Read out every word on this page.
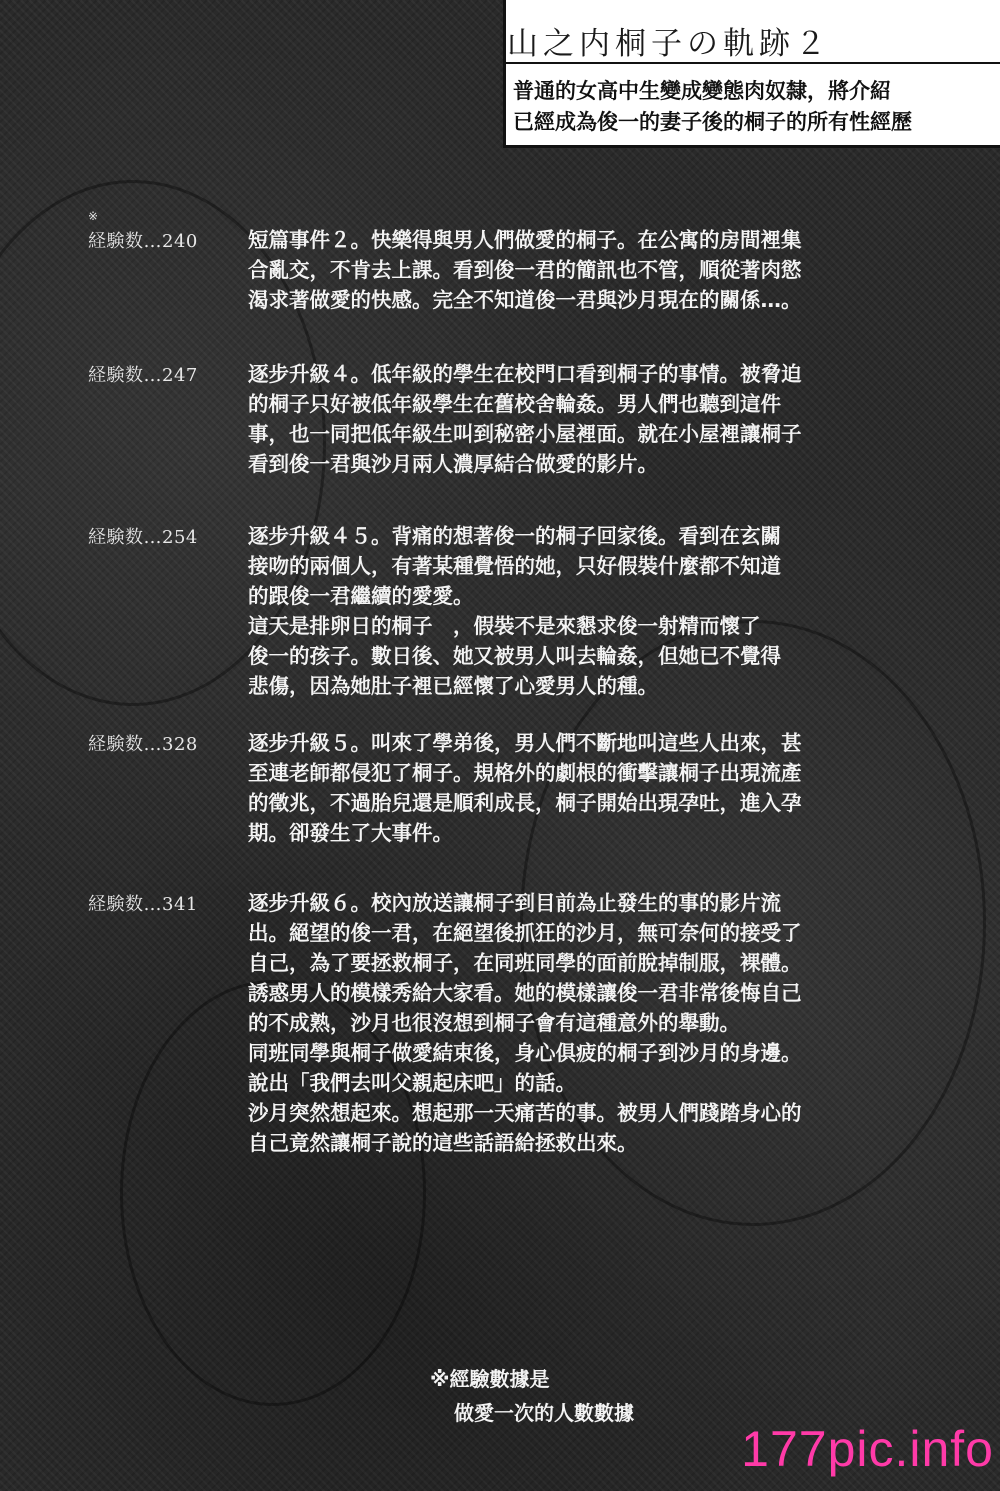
山之内桐子の軌跡２
普通的女高中生變成變態肉奴隸，將介紹
已經成為俊一的妻子後的桐子的所有性經歷
※
経験数…240	短篇事件２。快樂得與男人們做愛的桐子。在公寓的房間裡集
合亂交，不肯去上課。看到俊一君的簡訊也不管，順從著肉慾
渴求著做愛的快感。完全不知道俊一君與沙月現在的關係…。
経験数…247	逐步升級４。低年級的學生在校門口看到桐子的事情。被脅迫
的桐子只好被低年級學生在舊校舍輪姦。男人們也聽到這件
事，也一同把低年級生叫到秘密小屋裡面。就在小屋裡讓桐子
看到俊一君與沙月兩人濃厚結合做愛的影片。
経験数…254	逐步升級４５。背痛的想著俊一的桐子回家後。看到在玄關
接吻的兩個人，有著某種覺悟的她，只好假裝什麼都不知道
的跟俊一君繼續的愛愛。
這天是排卵日的桐子　，假裝不是來懇求俊一射精而懷了
俊一的孩子。數日後、她又被男人叫去輪姦，但她已不覺得
悲傷，因為她肚子裡已經懷了心愛男人的種。
経験数…328	逐步升級５。叫來了學弟後，男人們不斷地叫這些人出來，甚
至連老師都侵犯了桐子。規格外的劇根的衝擊讓桐子出現流產
的徵兆，不過胎兒還是順利成長，桐子開始出現孕吐，進入孕
期。卻發生了大事件。
経験数…341	逐步升級６。校內放送讓桐子到目前為止發生的事的影片流
出。絕望的俊一君，在絕望後抓狂的沙月，無可奈何的接受了
自己，為了要拯救桐子，在同班同學的面前脫掉制服，裸體。
誘惑男人的模樣秀給大家看。她的模樣讓俊一君非常後悔自己
的不成熟，沙月也很沒想到桐子會有這種意外的舉動。
同班同學與桐子做愛結束後，身心俱疲的桐子到沙月的身邊。
說出「我們去叫父親起床吧」的話。
沙月突然想起來。想起那一天痛苦的事。被男人們踐踏身心的
自己竟然讓桐子說的這些話語給拯救出來。
※經驗數據是
做愛一次的人數數據
177pic.info
